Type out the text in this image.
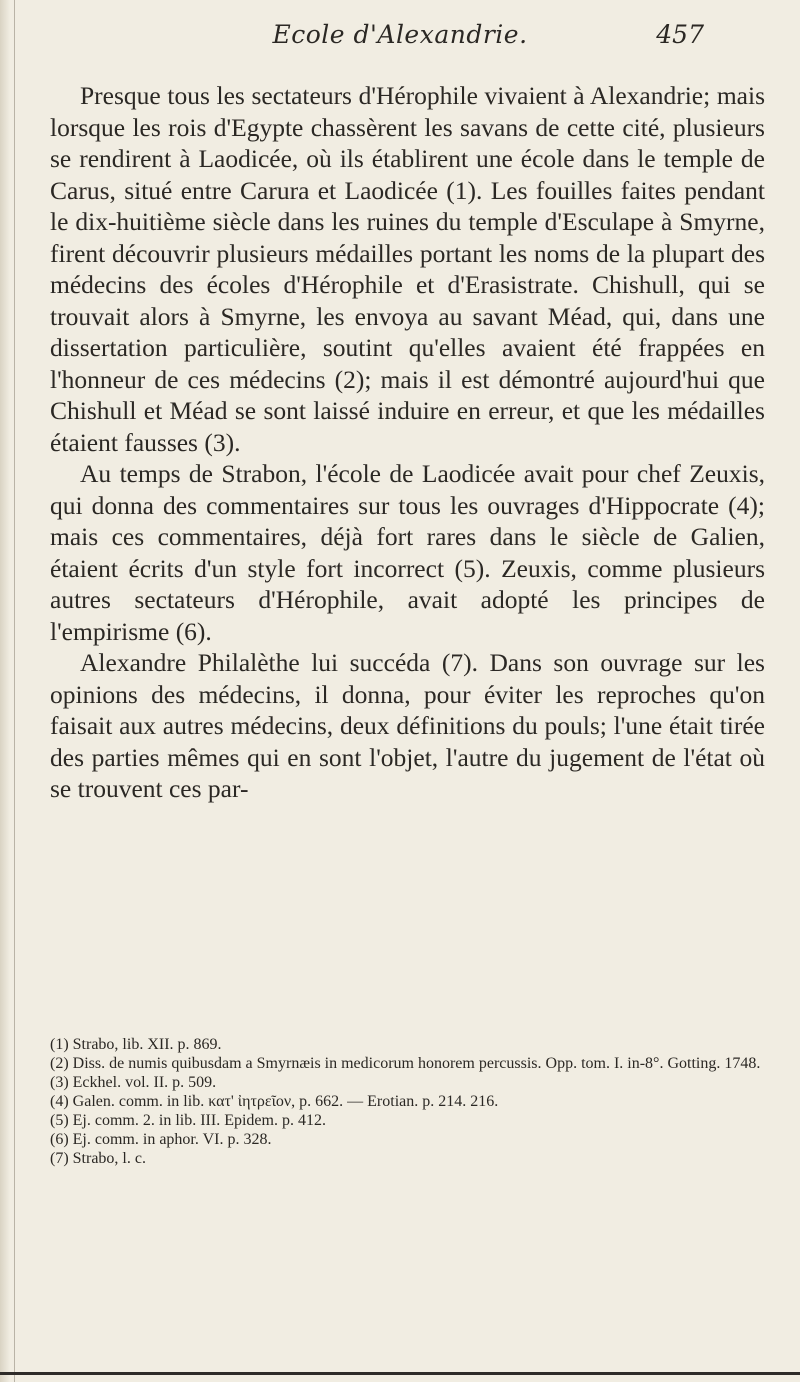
Ecole d'Alexandrie.	457

Presque tous les sectateurs d'Hérophile vivaient à Alexandrie; mais lorsque les rois d'Egypte chassèrent les savans de cette cité, plusieurs se rendirent à Laodicée, où ils établirent une école dans le temple de Carus, situé entre Carura et Laodicée (1). Les fouilles faites pendant le dix-huitième siècle dans les ruines du temple d'Esculape à Smyrne, firent découvrir plusieurs médailles portant les noms de la plupart des médecins des écoles d'Hérophile et d'Erasistrate. Chishull, qui se trouvait alors à Smyrne, les envoya au savant Méad, qui, dans une dissertation particulière, soutint qu'elles avaient été frappées en l'honneur de ces médecins (2); mais il est démontré aujourd'hui que Chishull et Méad se sont laissé induire en erreur, et que les médailles étaient fausses (3).

Au temps de Strabon, l'école de Laodicée avait pour chef Zeuxis, qui donna des commentaires sur tous les ouvrages d'Hippocrate (4); mais ces commentaires, déjà fort rares dans le siècle de Galien, étaient écrits d'un style fort incorrect (5). Zeuxis, comme plusieurs autres sectateurs d'Hérophile, avait adopté les principes de l'empirisme (6).

Alexandre Philalèthe lui succéda (7). Dans son ouvrage sur les opinions des médecins, il donna, pour éviter les reproches qu'on faisait aux autres médecins, deux définitions du pouls; l'une était tirée des parties mêmes qui en sont l'objet, l'autre du jugement de l'état où se trouvent ces par-

(1) Strabo, lib. XII. p. 869.

(2) Diss. de numis quibusdam a Smyrnæis in medicorum honorem percussis. Opp. tom. I. in-8°. Gotting. 1748.

(3) Eckhel. vol. II. p. 509.

(4) Galen. comm. in lib. κατ' ἰητρεῖον, p. 662. — Erotian. p. 214. 216.

(5) Ej. comm. 2. in lib. III. Epidem. p. 412.

(6) Ej. comm. in aphor. VI. p. 328.

(7) Strabo, l. c.
